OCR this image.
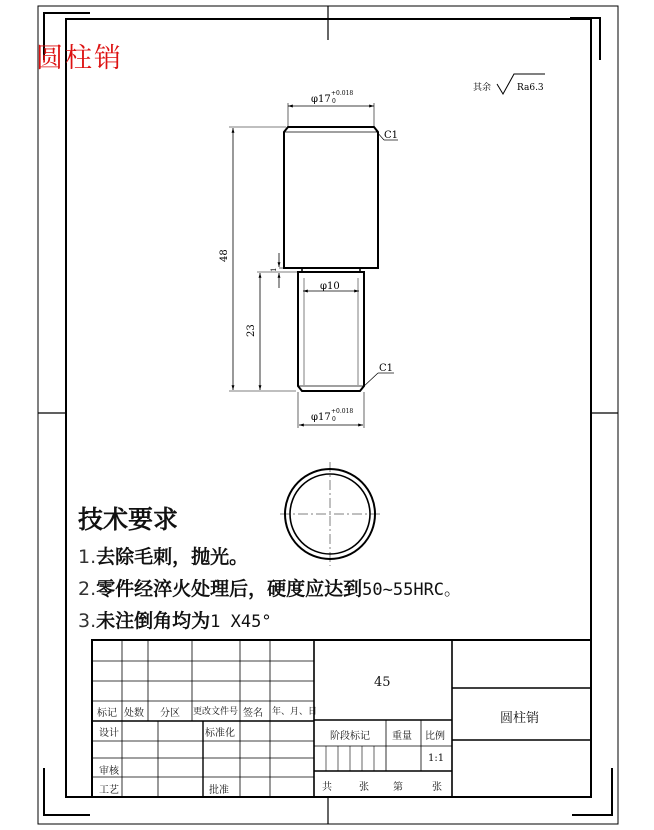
其余	Ra6.3
φ17
+0.018
0
C1
48
23
1
φ10
C1
φ17
+0.018
0
圆柱销
技术要求
1.去除毛刺，抛光。
2.零件经淬火处理后，硬度应达到50~55HRC。
3.未注倒角均为1 X45°
45
圆柱销
标记 处数 分区 更改文件号 签名 年、月、日
设计	标准化
审核
工艺	批准
阶段标记 重量 比例
1:1
共	张 第	张
